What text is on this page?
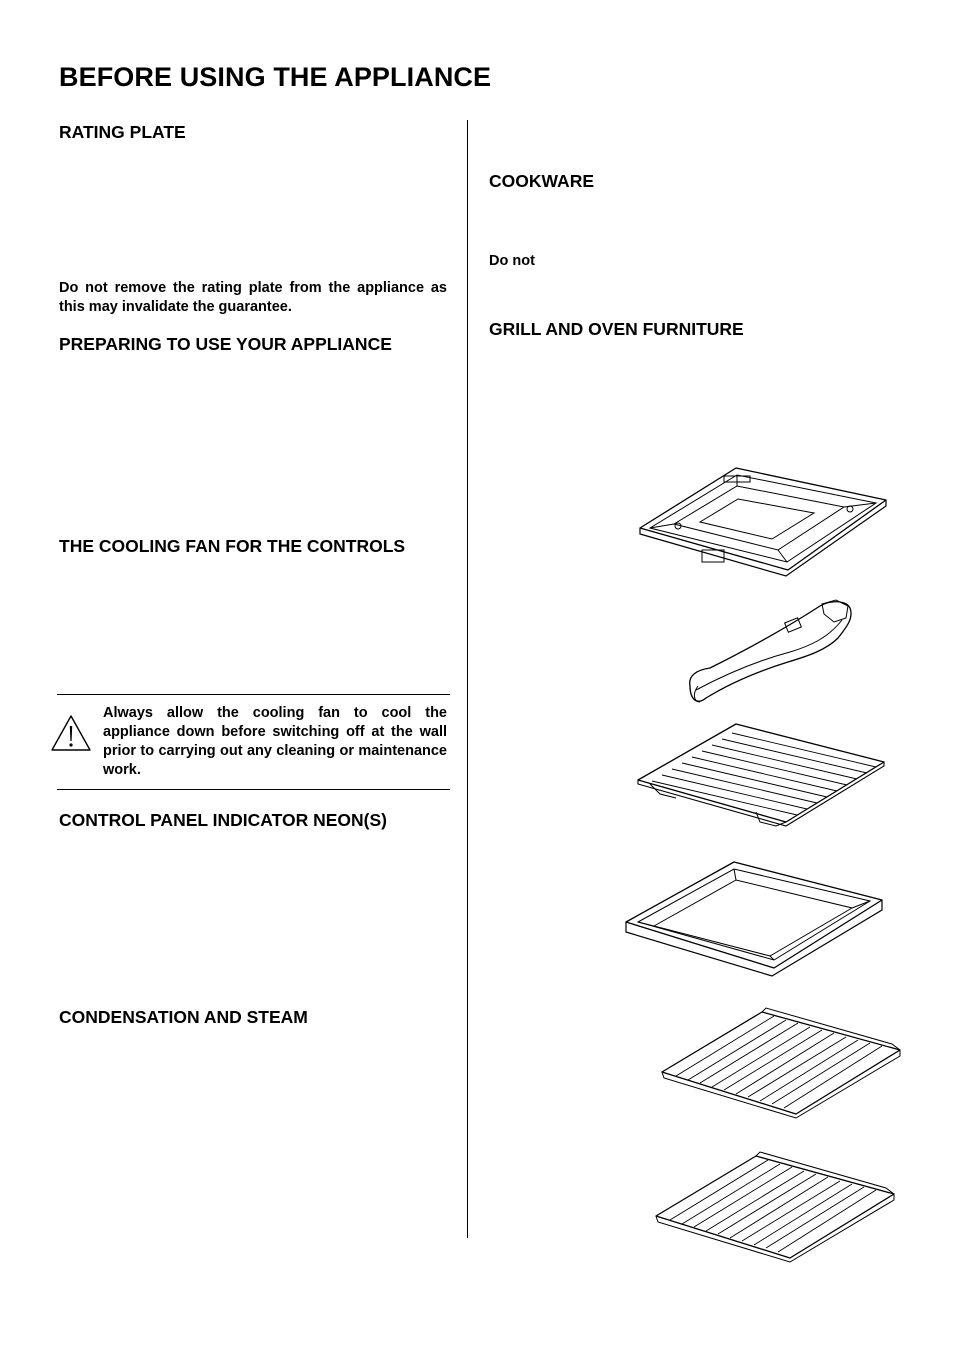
BEFORE USING THE APPLIANCE
RATING PLATE

Do not remove the rating plate from the appliance as this may invalidate the guarantee.

PREPARING TO USE YOUR APPLIANCE
THE COOLING FAN FOR THE CONTROLS

Always allow the cooling fan to cool the appliance down before switching off at the wall prior to carrying out any cleaning or maintenance work.

CONTROL PANEL INDICATOR NEON(S)
CONDENSATION AND STEAM
COOKWARE

Do not

GRILL AND OVEN FURNITURE
